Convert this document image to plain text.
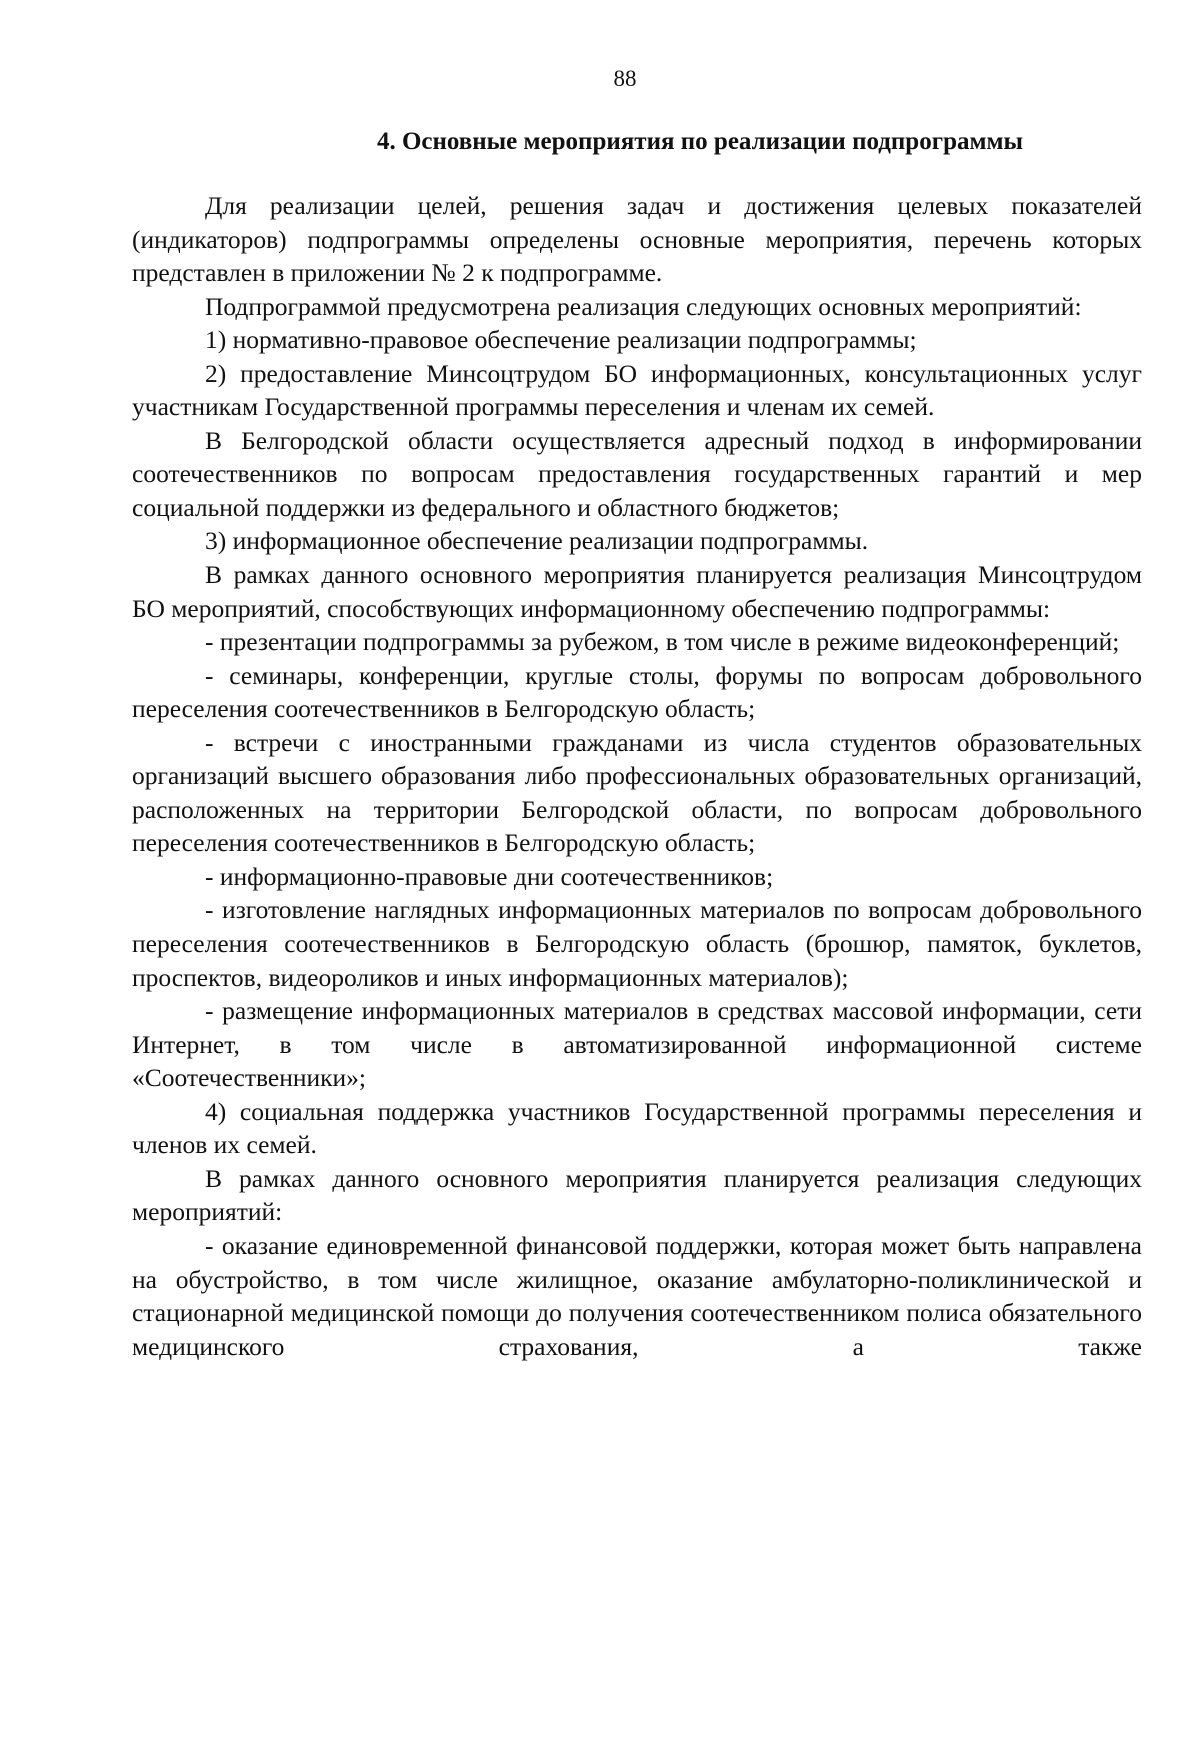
88
4. Основные мероприятия по реализации подпрограммы

Для реализации целей, решения задач и достижения целевых показателей (индикаторов) подпрограммы определены основные мероприятия, перечень которых представлен в приложении № 2 к подпрограмме.

Подпрограммой предусмотрена реализация следующих основных мероприятий:

1) нормативно-правовое обеспечение реализации подпрограммы;

2) предоставление Минсоцтрудом БО информационных, консультационных услуг участникам Государственной программы переселения и членам их семей.

В Белгородской области осуществляется адресный подход в информировании соотечественников по вопросам предоставления государственных гарантий и мер социальной поддержки из федерального и областного бюджетов;

3) информационное обеспечение реализации подпрограммы.

В рамках данного основного мероприятия планируется реализация Минсоцтрудом БО мероприятий, способствующих информационному обеспечению подпрограммы:

- презентации подпрограммы за рубежом, в том числе в режиме видеоконференций;

- семинары, конференции, круглые столы, форумы по вопросам добровольного переселения соотечественников в Белгородскую область;

- встречи с иностранными гражданами из числа студентов образовательных организаций высшего образования либо профессиональных образовательных организаций, расположенных на территории Белгородской области, по вопросам добровольного переселения соотечественников в Белгородскую область;

- информационно-правовые дни соотечественников;

- изготовление наглядных информационных материалов по вопросам добровольного переселения соотечественников в Белгородскую область (брошюр, памяток, буклетов, проспектов, видеороликов и иных информационных материалов);

- размещение информационных материалов в средствах массовой информации, сети Интернет, в том числе в автоматизированной информационной системе «Соотечественники»;

4) социальная поддержка участников Государственной программы переселения и членов их семей.

В рамках данного основного мероприятия планируется реализация следующих мероприятий:

- оказание единовременной финансовой поддержки, которая может быть направлена на обустройство, в том числе жилищное, оказание амбулаторно-поликлинической и стационарной медицинской помощи до получения соотечественником полиса обязательного медицинского страхования, а также
